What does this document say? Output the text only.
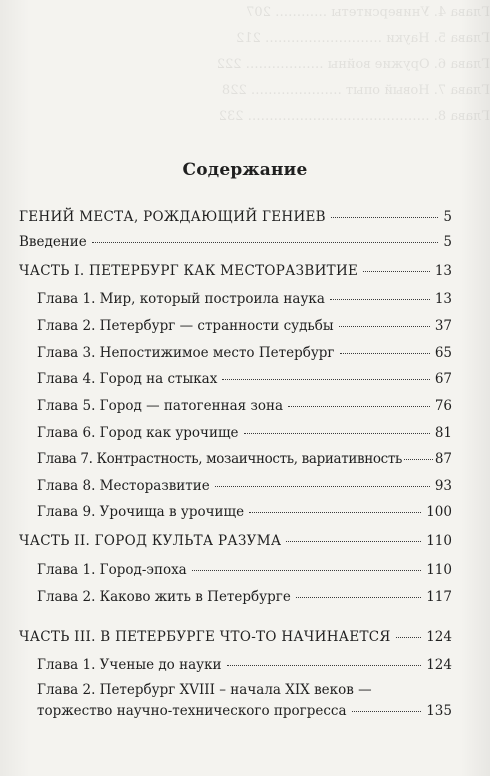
Глава 4. Университеты ………… 207
Глава 5. Науки ……………………… 212
Глава 6. Оружие войны ……………… 222
Глава 7. Новый опыт ………………… 228
Глава 8. …………………………………… 232
Содержание
ГЕНИЙ МЕСТА, РОЖДАЮЩИЙ ГЕНИЕВ	5
Введение	5
ЧАСТЬ I. ПЕТЕРБУРГ КАК МЕСТОРАЗВИТИЕ	13
Глава 1. Мир, который построила наука	13
Глава 2. Петербург — странности судьбы	37
Глава 3. Непостижимое место Петербург	65
Глава 4. Город на стыках	67
Глава 5. Город — патогенная зона	76
Глава 6. Город как урочище	81
Глава 7. Контрастность, мозаичность, вариативность 87
Глава 8. Месторазвитие	93
Глава 9. Урочища в урочище	100
ЧАСТЬ II. ГОРОД КУЛЬТА РАЗУМА	110
Глава 1. Город-эпоха	110
Глава 2. Каково жить в Петербурге	117
ЧАСТЬ III. В ПЕТЕРБУРГЕ ЧТО-ТО НАЧИНАЕТСЯ	124
Глава 1. Ученые до науки	124
Глава 2. Петербург XVIII – начала XIX веков —
торжество научно-технического прогресса	135
